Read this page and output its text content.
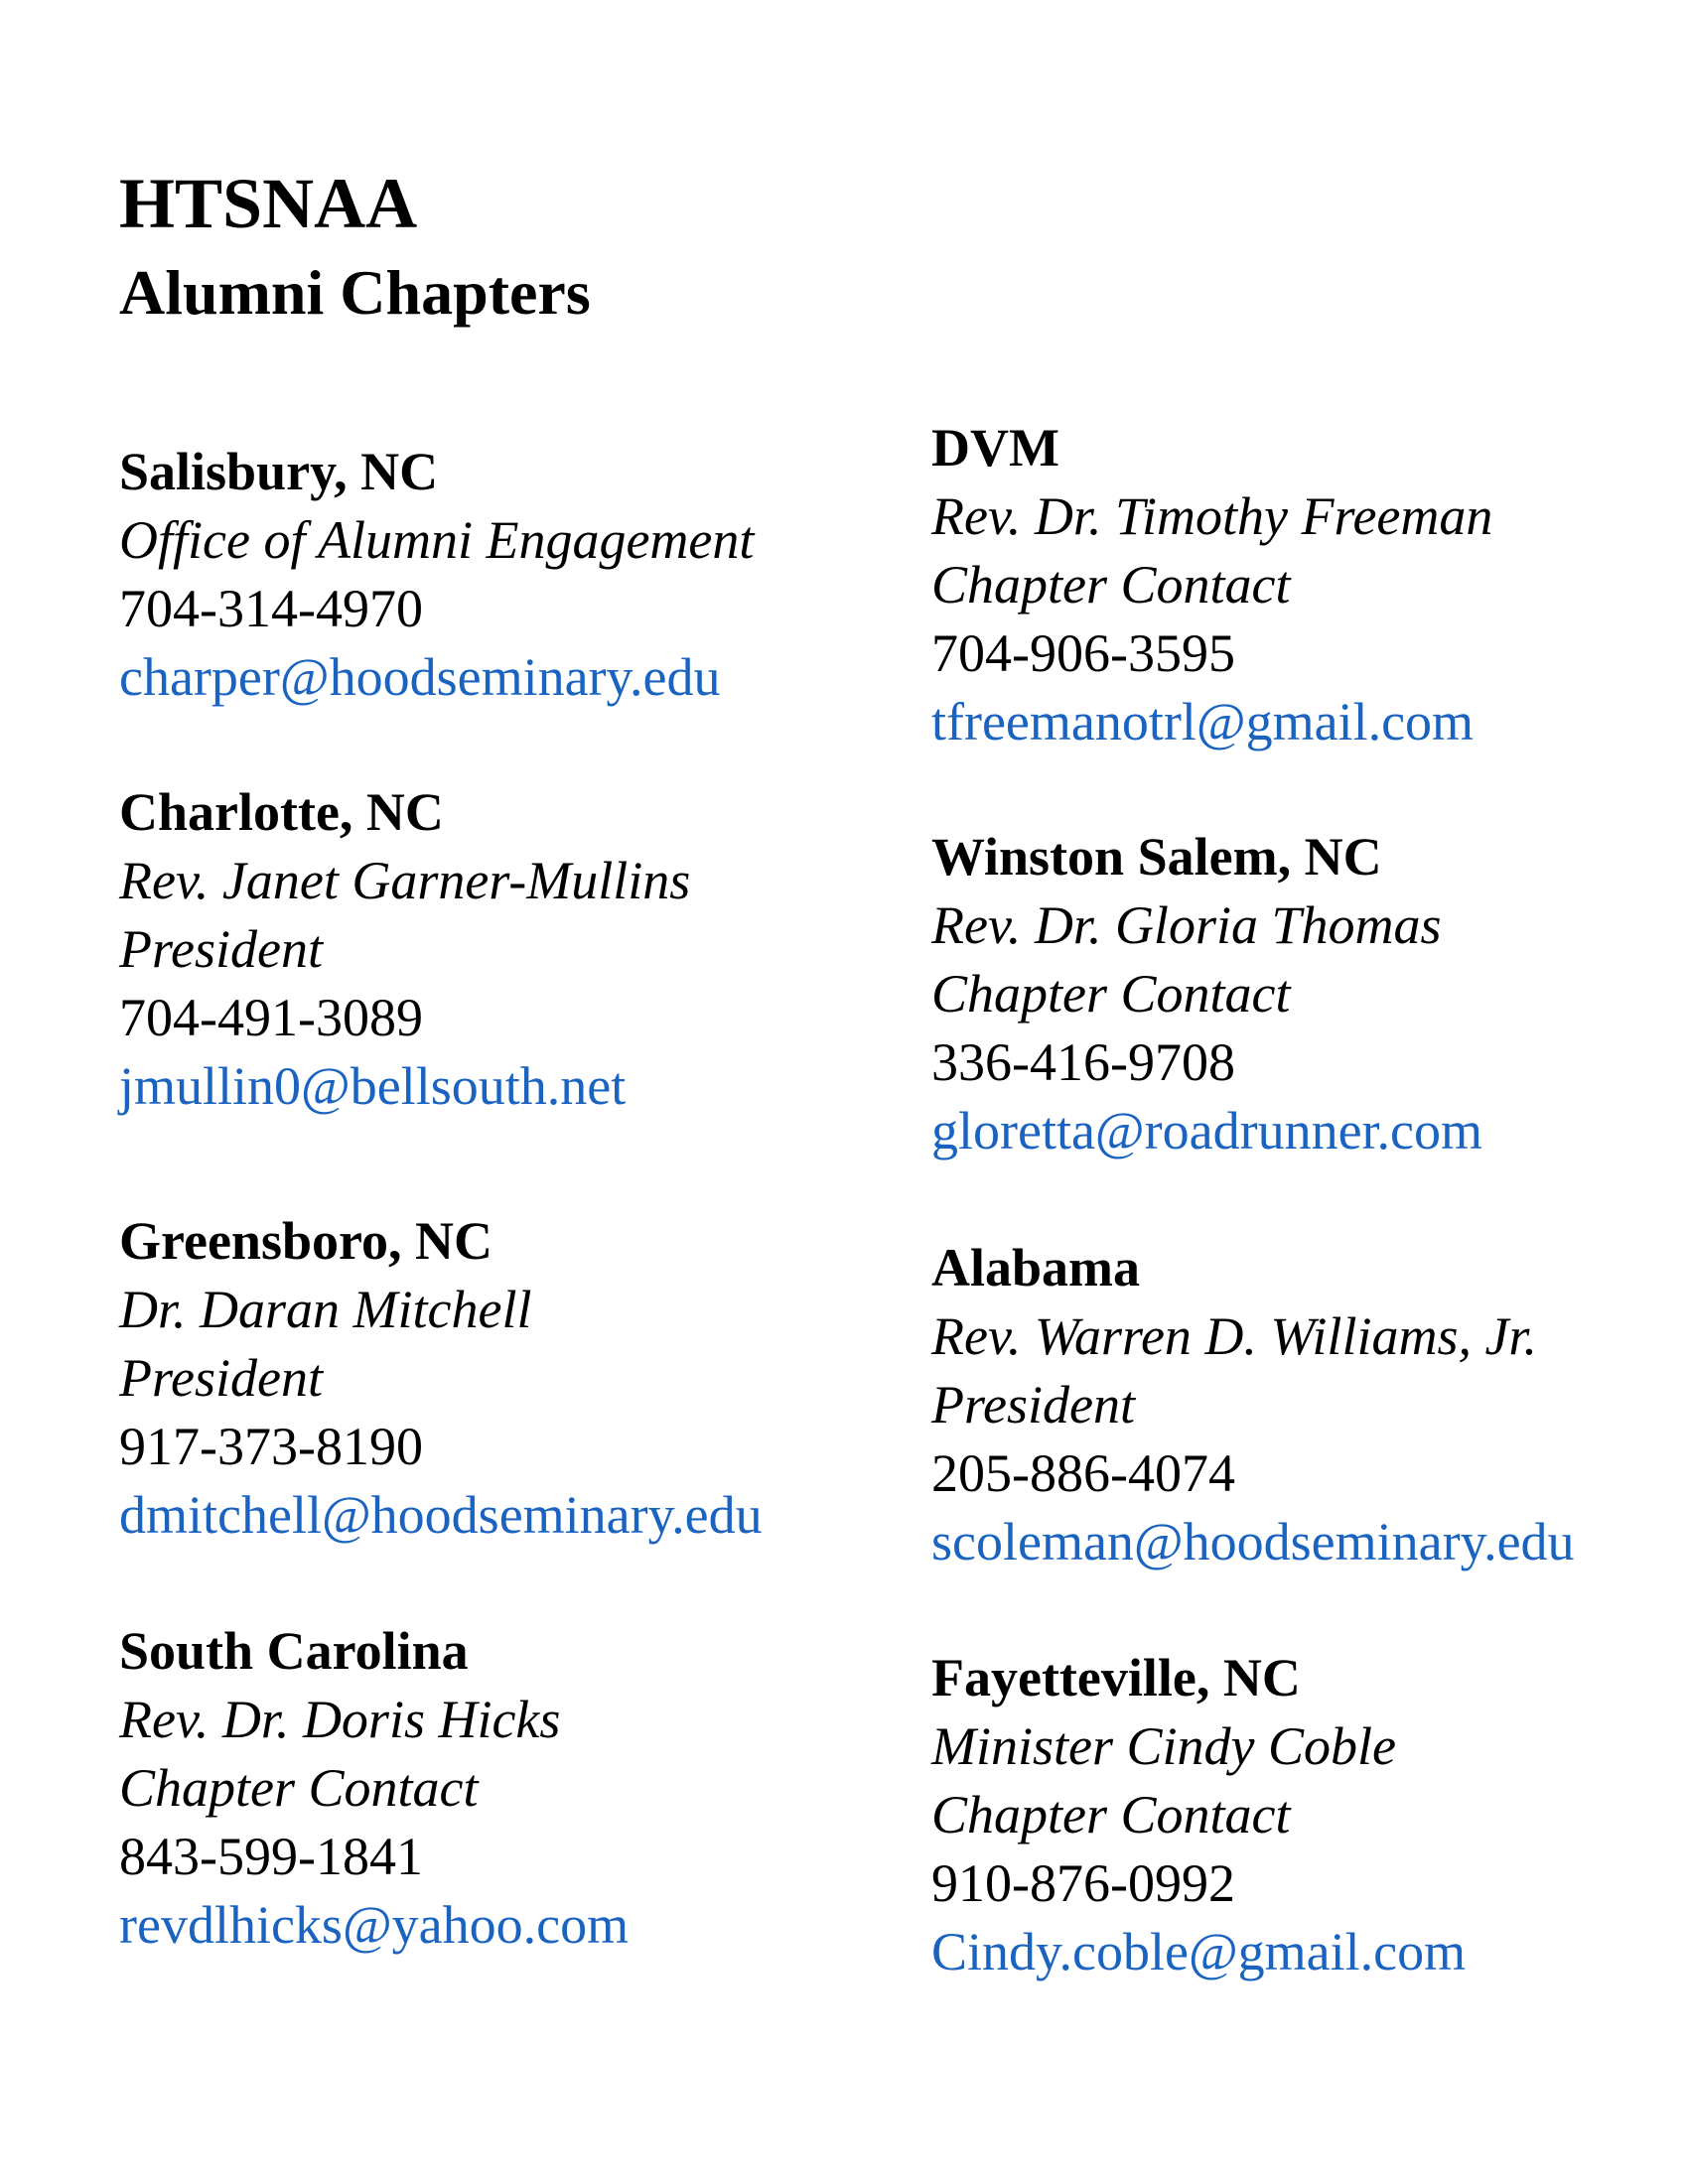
HTSNAA
Alumni Chapters
Salisbury, NC
Office of Alumni Engagement
704-314-4970
charper@hoodseminary.edu
Charlotte, NC
Rev. Janet Garner-Mullins
President
704-491-3089
jmullin0@bellsouth.net
Greensboro, NC
Dr. Daran Mitchell
President
917-373-8190
dmitchell@hoodseminary.edu
South Carolina
Rev. Dr. Doris Hicks
Chapter Contact
843-599-1841
revdlhicks@yahoo.com
DVM
Rev. Dr. Timothy Freeman
Chapter Contact
704-906-3595
tfreemanotrl@gmail.com
Winston Salem, NC
Rev. Dr. Gloria Thomas
Chapter Contact
336-416-9708
gloretta@roadrunner.com
Alabama
Rev. Warren D. Williams, Jr.
President
205-886-4074
scoleman@hoodseminary.edu
Fayetteville, NC
Minister Cindy Coble
Chapter Contact
910-876-0992
Cindy.coble@gmail.com
